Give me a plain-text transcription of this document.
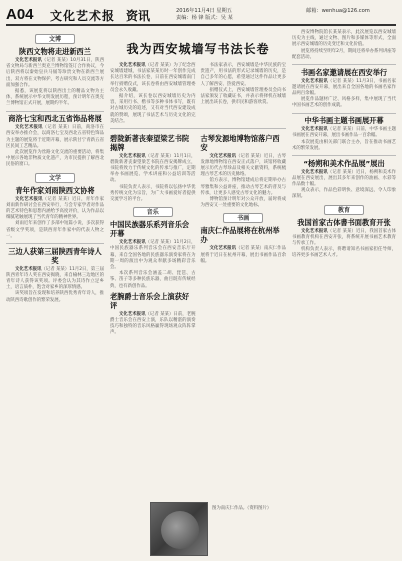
A04 文化艺术报 资讯	2016年11月4日 星期五
责编：杨 锋 版式：吴 某
邮箱：wenhua@126.com
文博
陕西文物将走进新西兰

文化艺术报讯（记者 某某）10月31日，陕西省文物局与新西兰奥克兰博物馆签订合作协议，今后陕西将以秦始皇兵马俑等珍贵文物在新西兰展出，双方将在文物保护、考古研究和人员交流等方面加强合作。

据悉，该展览将以陕西出土的精品文物为主体，系统展示中华文明发展历程，预计明年在奥克兰博物馆正式开展，展期约半年。

商洛七宝和西北五省饰品将展

文化艺术报讯（记者 某某）日前，商洛市在西安举办推介会，以商洛七宝及西北五省特色饰品为主题的展览将于近期开幕，展示陕甘宁青新五省区民间工艺精品。

此次展览作为丝路文化交流的重要活动，将集中展示各地非物质文化遗产，为市民提供了解西北民俗的窗口。

文学
青年作家刘雨陕西文协将

文化艺术报讯（记者 某某）近日，青年作家刘雨新作研讨会在西安举行，与会专家学者对作品的艺术特色和思想内涵给予高度评价，认为作品以细腻笔触展现了当代青年的精神世界。

刘雨近年来创作了多部中短篇小说，多次获得省级文学奖项，是陕西青年作家中的代表人物之一。

三边人获第三届陕西青年诗人奖

文化艺术报讯（记者 某某）11月2日，第三届陕西青年诗人奖在西安揭晓，来自榆林三边地区的青年诗人获得该奖项。评委会认为其诗作立足乡土，语言质朴，饱含对家乡的深厚情感。

该奖项旨在发现和培养陕西优秀青年诗人，推动陕西诗歌创作的繁荣发展。

我为西安城墙写书法长卷

文化艺术报讯（记者 某某）为了纪念西安城墙建城，书法家某某历时一年创作完成长达百米的书法长卷，日前在西安城墙南门举行捐赠仪式，该长卷将由西安城墙管理委员会永久收藏。

据介绍，该长卷以西安城墙历史为内容，采用行书、楷书等多种书体书写，既有对古城历史的追述，又有对当代西安建设成就的赞颂，展现了书法艺术与历史文化的完美结合。

书法家表示，西安城墙是中华民族的宝贵遗产，用书法的形式记录城墙的历史，是自己多年的心愿，希望通过这件作品让更多人了解西安、热爱西安。

捐赠仪式上，西安城墙管理委员会向书法家颁发了收藏证书，并表示将择机在城墙上展出该长卷，供市民和游客欣赏。

碧陇新著丧秦望梁艺书院揭牌

文化艺术报讯（记者 某某）11月1日，碧陇新著丧秦望梁艺书院在西安揭牌成立，书院将致力于传统文化的传承与推广，定期举办书画展览、学术讲座和公益培训等活动。

书院负责人表示，书院将以弘扬中华优秀传统文化为宗旨，为广大书画爱好者提供交流学习的平台。

音乐
中国民族器乐系列音乐会开幕

文化艺术报讯（记者 某某）11月2日，中国民族器乐系列音乐会在西安音乐厅开幕，来自全国各地的民族器乐演奏家将在为期一周的演出中为观众奉献多场精彩音乐会。

本次系列音乐会涵盖二胡、琵琶、古筝、笛子等多种民族乐器，曲目既有传统经典，也有新创作品。

老腕爵士音乐会上演获好评

文化艺术报讯（记者 某某）日前，老腕爵士音乐会在西安上演，乐队以精湛的演奏技巧和独特的音乐风格赢得现场观众阵阵掌声。

古琴发源地博物馆落户西安

文化艺术报讯（记者 某某）近日，古琴发源地博物馆在西安正式落户，该馆将收藏展示历代古琴珍品及相关文献资料，系统梳理古琴艺术的历史脉络。

馆方表示，博物馆建成后将定期举办古琴雅集和公益讲座，推动古琴艺术的普及与传承，让更多人感受古琴文化的魅力。

博物馆预计明年对公众开放，届时将成为西安又一处重要的文化地标。

书画
南庆仁作品展将在杭州举办

文化艺术报讯（记者 某某）南庆仁作品展将于近日在杭州开幕，展出书画作品百余幅。

图为南庆仁作品。（资料图片）

西安博物院馆长某某表示，此次展览以西安城墙历史为主线，通过文物、图片和多媒体等形式，全面展示西安城墙的历史变迁和文化价值。

展览将持续至明年2月，期间还将举办系列讲座等配套活动。

书画名家邀请展在西安举行

文化艺术报讯（记者 某某）11月3日，书画名家邀请展在西安开幕，展出来自全国各地的书画名家作品两百余幅。

展览作品题材广泛、风格多样，集中展现了当代中国书画艺术的创作成就。

中华书画主题书画展开幕

文化艺术报讯（记者 某某）日前，中华书画主题书画展在西安开幕，展出书画作品一百余幅。

本次展览由相关部门联合主办，旨在推动书画艺术的繁荣发展。

“杨朔和美术作品展”展出

文化艺术报讯（记者 某某）近日，杨朔和美术作品展在西安展出，展出其多年来创作的油画、水彩等作品数十幅。

观众表示，作品色彩明快、意境深远，令人印象深刻。

教育
我国首家古体書书面教育开张

文化艺术报讯（记者 某某）近日，我国首家古体书画教育机构在西安开张，将系统开展书画艺术教育与传承工作。

机构负责人表示，将聘请知名书画家担任导师，培养更多书画艺术人才。
